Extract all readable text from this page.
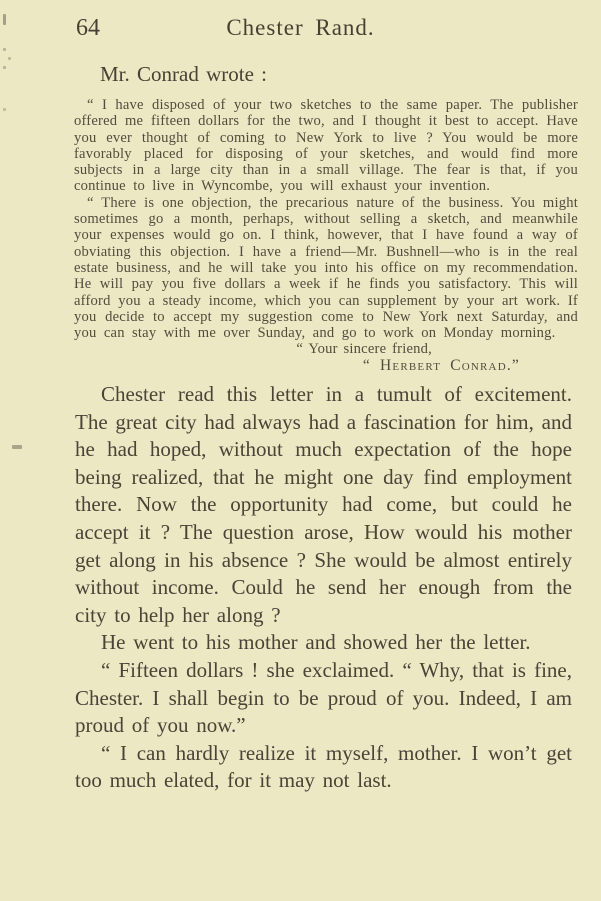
64	Chester Rand.

Mr. Conrad wrote :

“ I have disposed of your two sketches to the same paper. The publisher offered me fifteen dollars for the two, and I thought it best to accept. Have you ever thought of coming to New York to live ? You would be more favorably placed for disposing of your sketches, and would find more subjects in a large city than in a small village. The fear is that, if you continue to live in Wyncombe, you will exhaust your invention.

“ There is one objection, the precarious nature of the business. You might sometimes go a month, perhaps, without selling a sketch, and meanwhile your expenses would go on. I think, however, that I have found a way of obviating this objection. I have a friend—Mr. Bushnell—who is in the real estate business, and he will take you into his office on my recommendation. He will pay you five dollars a week if he finds you satisfactory. This will afford you a steady income, which you can supplement by your art work. If you decide to accept my suggestion come to New York next Saturday, and you can stay with me over Sunday, and go to work on Monday morning.

“ Your sincere friend,

“ Herbert Conrad.”

Chester read this letter in a tumult of excitement. The great city had always had a fascination for him, and he had hoped, without much expectation of the hope being realized, that he might one day find employment there. Now the opportunity had come, but could he accept it ? The question arose, How would his mother get along in his absence ? She would be almost entirely without income. Could he send her enough from the city to help her along ?

He went to his mother and showed her the letter.

“ Fifteen dollars ! she exclaimed. “ Why, that is fine, Chester. I shall begin to be proud of you. Indeed, I am proud of you now.”

“ I can hardly realize it myself, mother. I won’t get too much elated, for it may not last.
